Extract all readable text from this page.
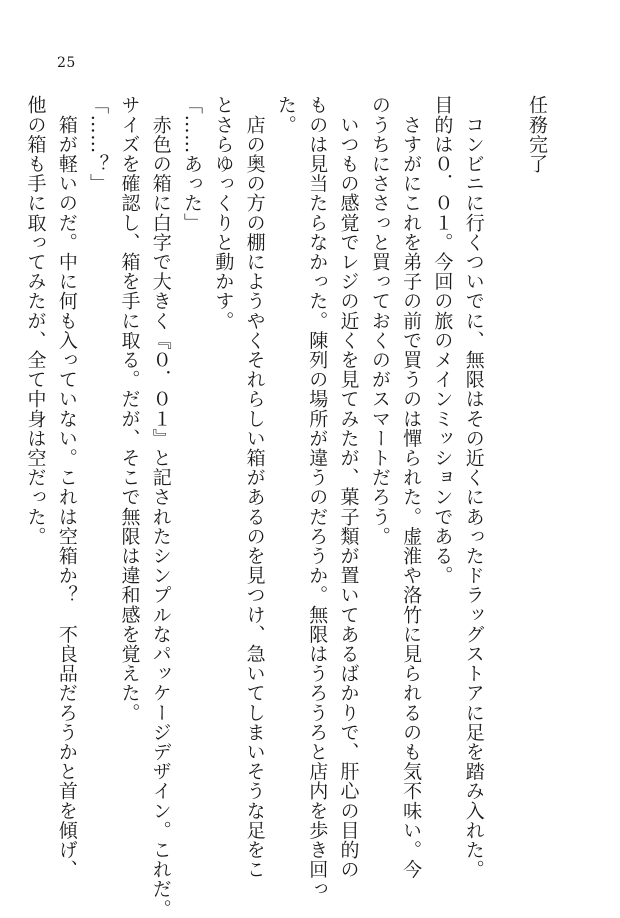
25
任務完了
　コンビニに行くついでに、無限はその近くにあったドラッグストアに足を踏み入れた。
目的は０．０１。今回の旅のメインミッションである。
　さすがにこれを弟子の前で買うのは憚られた。虚淮や洛竹に見られるのも気不味い。今
のうちにささっと買っておくのがスマートだろう。
　いつもの感覚でレジの近くを見てみたが、菓子類が置いてあるばかりで、肝心の目的の
ものは見当たらなかった。陳列の場所が違うのだろうか。無限はうろうろと店内を歩き回っ
た。
　店の奥の方の棚にようやくそれらしい箱があるのを見つけ、急いてしまいそうな足をこ
とさらゆっくりと動かす。
「……あった」
　赤色の箱に白字で大きく『０．０１』と記されたシンプルなパッケージデザイン。これだ。
サイズを確認し、箱を手に取る。だが、そこで無限は違和感を覚えた。
「……？」
　箱が軽いのだ。中に何も入っていない。これは空箱か？　不良品だろうかと首を傾げ、
他の箱も手に取ってみたが、全て中身は空だった。
